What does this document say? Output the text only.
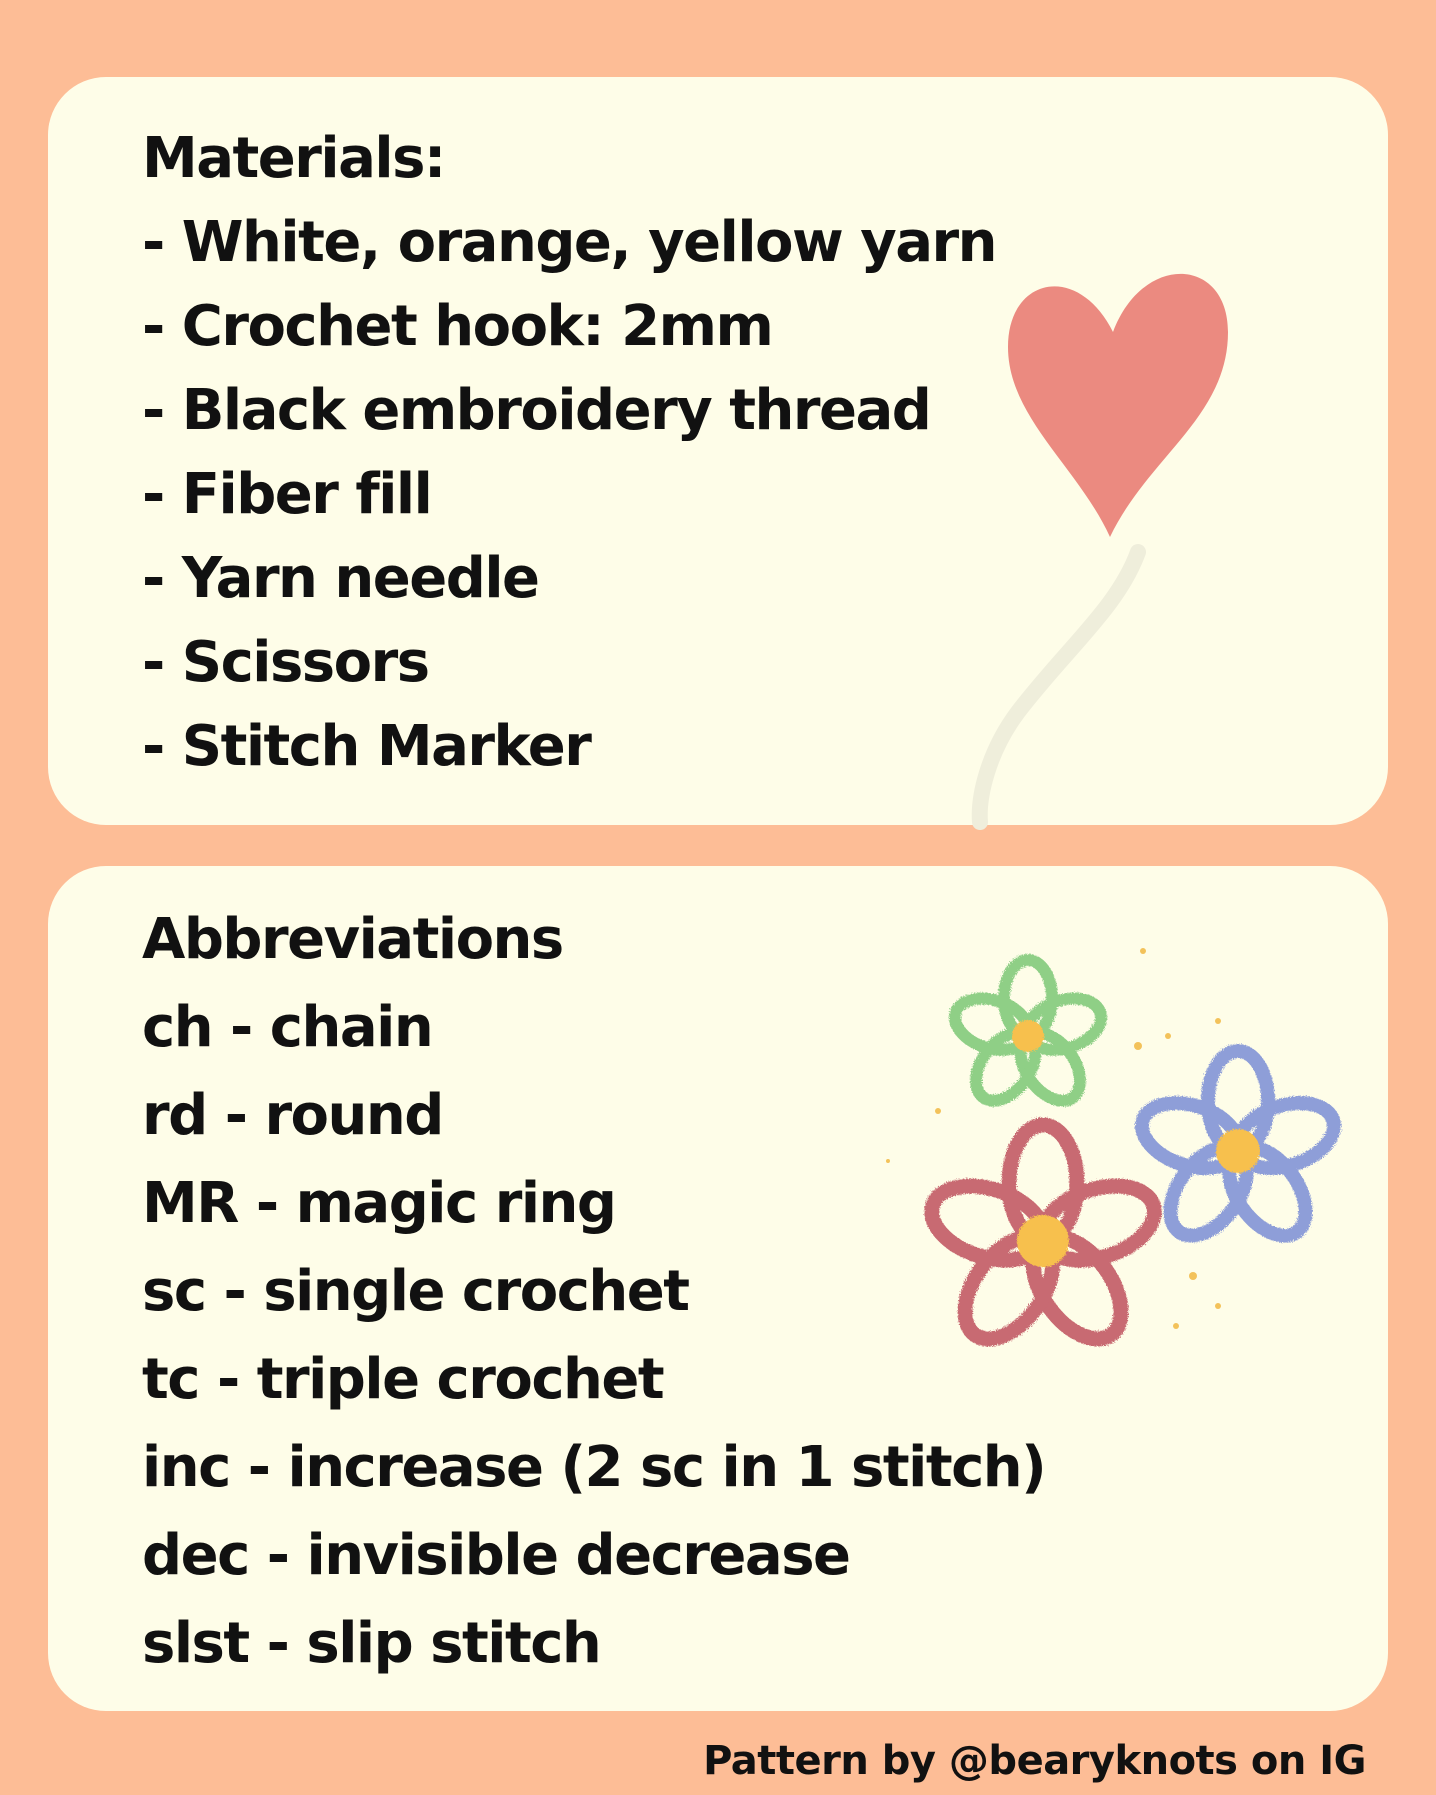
Materials:
- White, orange, yellow yarn
- Crochet hook: 2mm
- Black embroidery thread
- Fiber fill
- Yarn needle
- Scissors
- Stitch Marker
Abbreviations
ch - chain
rd - round
MR - magic ring
sc - single crochet
tc - triple crochet
inc - increase (2 sc in 1 stitch)
dec - invisible decrease
slst - slip stitch
Pattern by @bearyknots on IG
